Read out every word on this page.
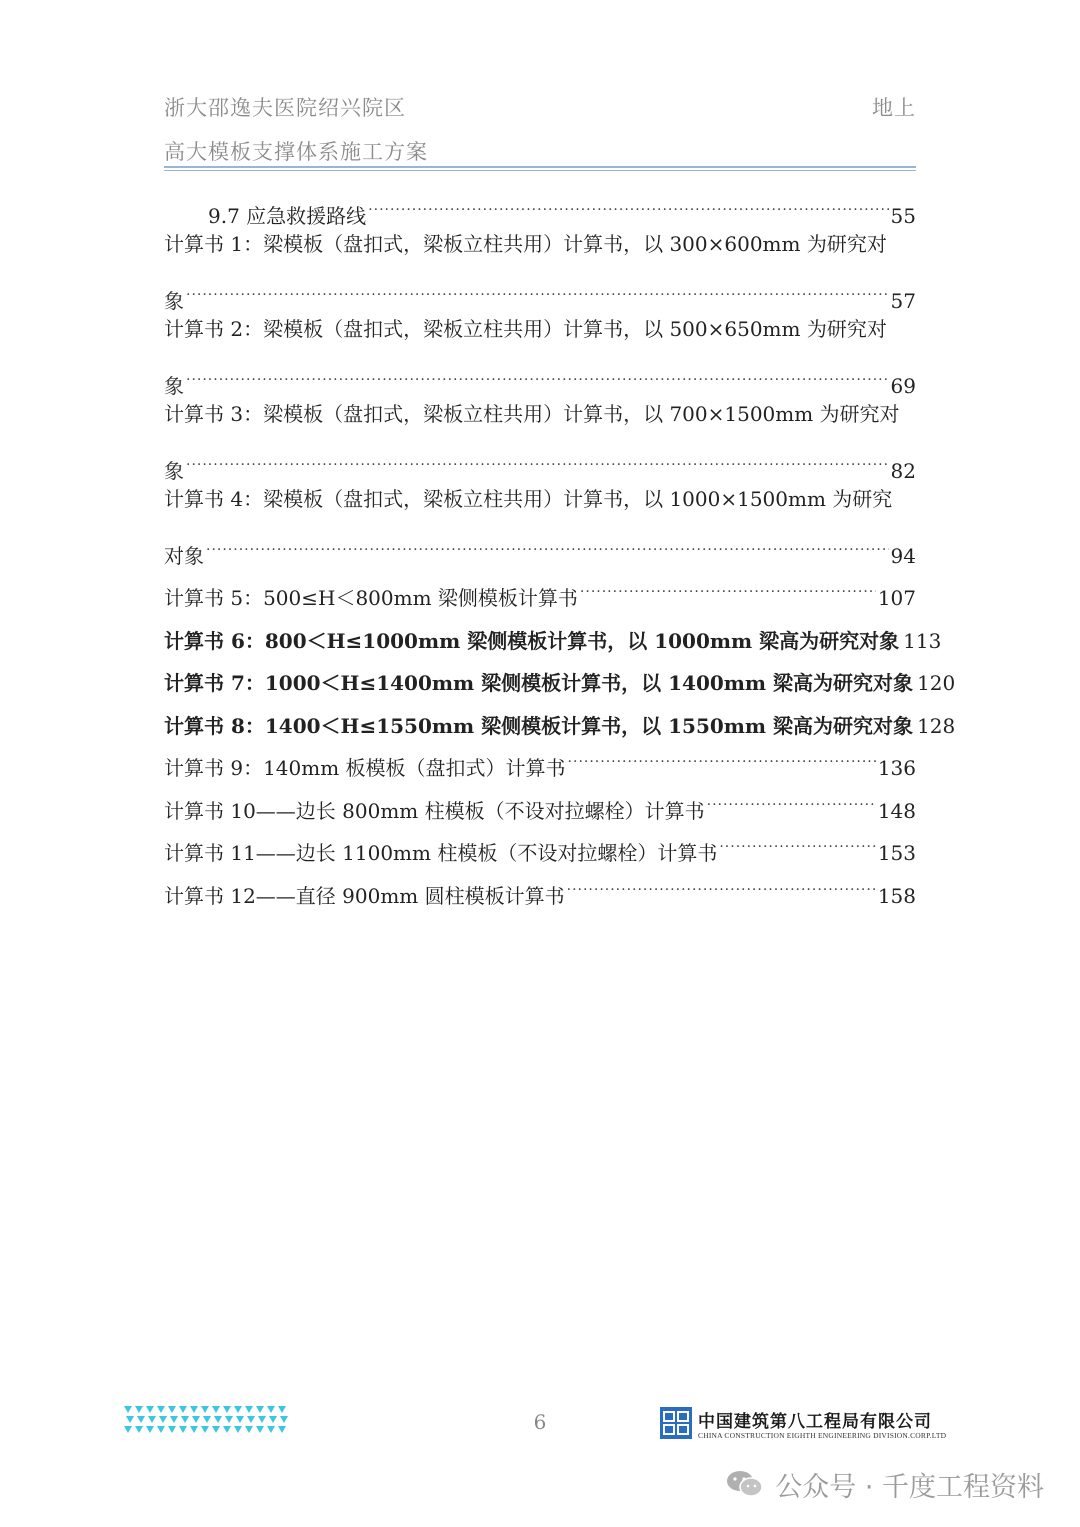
浙大邵逸夫医院绍兴院区
高大模板支撑体系施工方案
地上
9.7 应急救援路线 .....	55
计算书 1：梁模板（盘扣式，梁板立柱共用）计算书，以 300×600mm 为研究对
象 .....	57
计算书 2：梁模板（盘扣式，梁板立柱共用）计算书，以 500×650mm 为研究对
象 .....	69
计算书 3：梁模板（盘扣式，梁板立柱共用）计算书，以 700×1500mm 为研究对
象 .....	82
计算书 4：梁模板（盘扣式，梁板立柱共用）计算书，以 1000×1500mm 为研究
对象 .....	94
计算书 5：500≤H＜800mm 梁侧模板计算书 .....	107
计算书 6：800＜H≤1000mm 梁侧模板计算书，以 1000mm 梁高为研究对象 113
计算书 7：1000＜H≤1400mm 梁侧模板计算书，以 1400mm 梁高为研究对象 120
计算书 8：1400＜H≤1550mm 梁侧模板计算书，以 1550mm 梁高为研究对象 128
计算书 9：140mm 板模板（盘扣式）计算书 .....	136
计算书 10——边长 800mm 柱模板（不设对拉螺栓）计算书 .....	148
计算书 11——边长 1100mm 柱模板（不设对拉螺栓）计算书 .....	153
计算书 12——直径 900mm 圆柱模板计算书 .....	158
6	中国建筑第八工程局有限公司
CHINA CONSTRUCTION EIGHTH ENGINEERING DIVISION.CORP.LTD
公众号 · 千度工程资料
